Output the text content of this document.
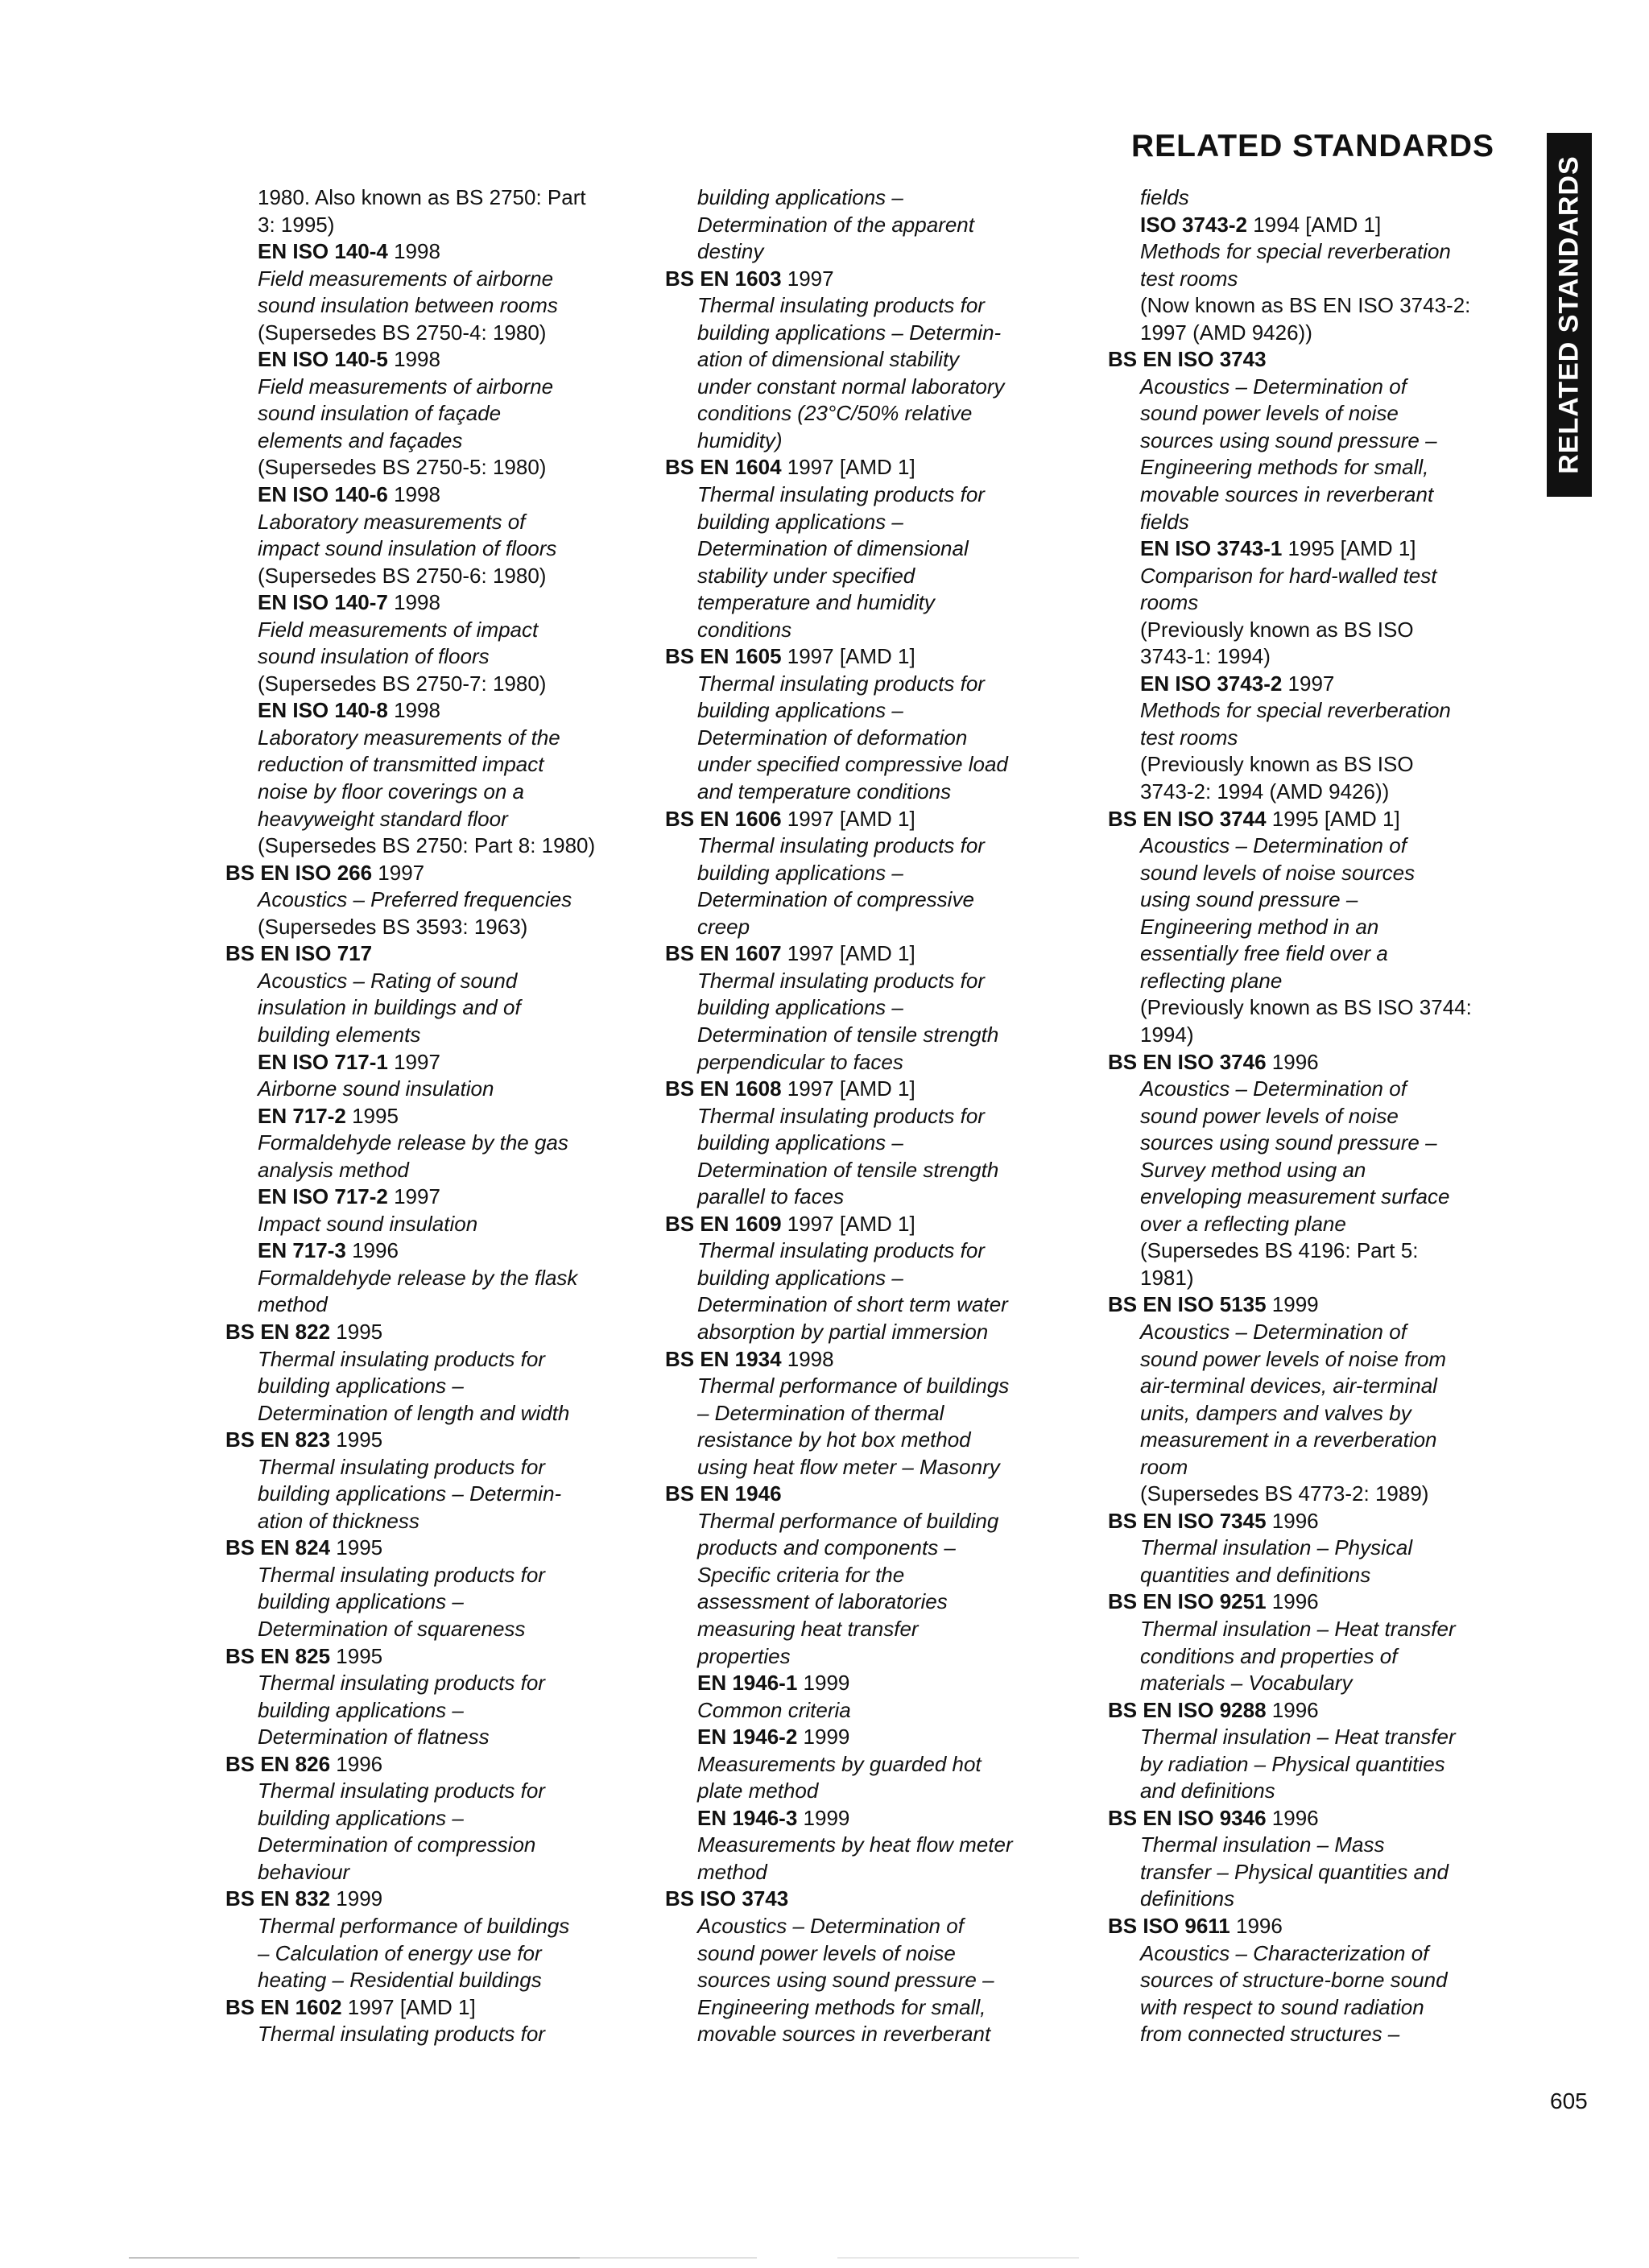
RELATED STANDARDS
RELATED STANDARDS
1980. Also known as BS 2750: Part
3: 1995)
EN ISO 140-4 1998
Field measurements of airborne
sound insulation between rooms
(Supersedes BS 2750-4: 1980)
EN ISO 140-5 1998
Field measurements of airborne
sound insulation of façade
elements and façades
(Supersedes BS 2750-5: 1980)
EN ISO 140-6 1998
Laboratory measurements of
impact sound insulation of floors
(Supersedes BS 2750-6: 1980)
EN ISO 140-7 1998
Field measurements of impact
sound insulation of floors
(Supersedes BS 2750-7: 1980)
EN ISO 140-8 1998
Laboratory measurements of the
reduction of transmitted impact
noise by floor coverings on a
heavyweight standard floor
(Supersedes BS 2750: Part 8: 1980)
BS EN ISO 266 1997
Acoustics – Preferred frequencies
(Supersedes BS 3593: 1963)
BS EN ISO 717
Acoustics – Rating of sound
insulation in buildings and of
building elements
EN ISO 717-1 1997
Airborne sound insulation
EN 717-2 1995
Formaldehyde release by the gas
analysis method
EN ISO 717-2 1997
Impact sound insulation
EN 717-3 1996
Formaldehyde release by the flask
method
BS EN 822 1995
Thermal insulating products for
building applications –
Determination of length and width
BS EN 823 1995
Thermal insulating products for
building applications – Determin-
ation of thickness
BS EN 824 1995
Thermal insulating products for
building applications –
Determination of squareness
BS EN 825 1995
Thermal insulating products for
building applications –
Determination of flatness
BS EN 826 1996
Thermal insulating products for
building applications –
Determination of compression
behaviour
BS EN 832 1999
Thermal performance of buildings
– Calculation of energy use for
heating – Residential buildings
BS EN 1602 1997 [AMD 1]
Thermal insulating products for
building applications –
Determination of the apparent
destiny
BS EN 1603 1997
Thermal insulating products for
building applications – Determin-
ation of dimensional stability
under constant normal laboratory
conditions (23°C/50% relative
humidity)
BS EN 1604 1997 [AMD 1]
Thermal insulating products for
building applications –
Determination of dimensional
stability under specified
temperature and humidity
conditions
BS EN 1605 1997 [AMD 1]
Thermal insulating products for
building applications –
Determination of deformation
under specified compressive load
and temperature conditions
BS EN 1606 1997 [AMD 1]
Thermal insulating products for
building applications –
Determination of compressive
creep
BS EN 1607 1997 [AMD 1]
Thermal insulating products for
building applications –
Determination of tensile strength
perpendicular to faces
BS EN 1608 1997 [AMD 1]
Thermal insulating products for
building applications –
Determination of tensile strength
parallel to faces
BS EN 1609 1997 [AMD 1]
Thermal insulating products for
building applications –
Determination of short term water
absorption by partial immersion
BS EN 1934 1998
Thermal performance of buildings
– Determination of thermal
resistance by hot box method
using heat flow meter – Masonry
BS EN 1946
Thermal performance of building
products and components –
Specific criteria for the
assessment of laboratories
measuring heat transfer
properties
EN 1946-1 1999
Common criteria
EN 1946-2 1999
Measurements by guarded hot
plate method
EN 1946-3 1999
Measurements by heat flow meter
method
BS ISO 3743
Acoustics – Determination of
sound power levels of noise
sources using sound pressure –
Engineering methods for small,
movable sources in reverberant
fields
ISO 3743-2 1994 [AMD 1]
Methods for special reverberation
test rooms
(Now known as BS EN ISO 3743-2:
1997 (AMD 9426))
BS EN ISO 3743
Acoustics – Determination of
sound power levels of noise
sources using sound pressure –
Engineering methods for small,
movable sources in reverberant
fields
EN ISO 3743-1 1995 [AMD 1]
Comparison for hard-walled test
rooms
(Previously known as BS ISO
3743-1: 1994)
EN ISO 3743-2 1997
Methods for special reverberation
test rooms
(Previously known as BS ISO
3743-2: 1994 (AMD 9426))
BS EN ISO 3744 1995 [AMD 1]
Acoustics – Determination of
sound levels of noise sources
using sound pressure –
Engineering method in an
essentially free field over a
reflecting plane
(Previously known as BS ISO 3744:
1994)
BS EN ISO 3746 1996
Acoustics – Determination of
sound power levels of noise
sources using sound pressure –
Survey method using an
enveloping measurement surface
over a reflecting plane
(Supersedes BS 4196: Part 5:
1981)
BS EN ISO 5135 1999
Acoustics – Determination of
sound power levels of noise from
air-terminal devices, air-terminal
units, dampers and valves by
measurement in a reverberation
room
(Supersedes BS 4773-2: 1989)
BS EN ISO 7345 1996
Thermal insulation – Physical
quantities and definitions
BS EN ISO 9251 1996
Thermal insulation – Heat transfer
conditions and properties of
materials – Vocabulary
BS EN ISO 9288 1996
Thermal insulation – Heat transfer
by radiation – Physical quantities
and definitions
BS EN ISO 9346 1996
Thermal insulation – Mass
transfer – Physical quantities and
definitions
BS ISO 9611 1996
Acoustics – Characterization of
sources of structure-borne sound
with respect to sound radiation
from connected structures –
605
